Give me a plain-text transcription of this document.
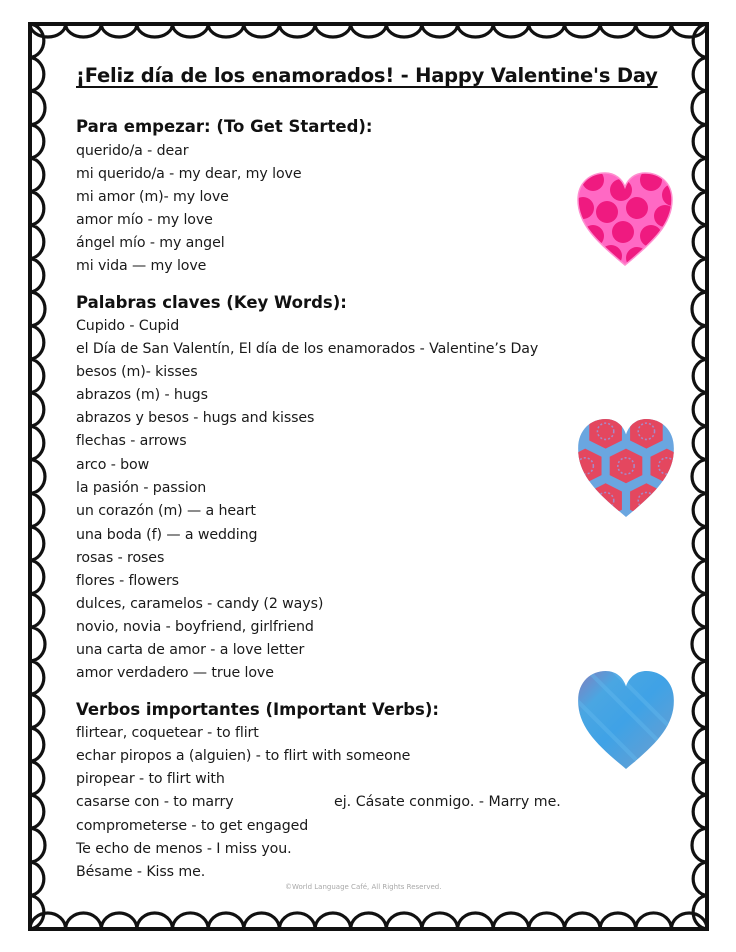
¡Feliz día de los enamorados! - Happy Valentine's Day
Para empezar: (To Get Started):
querido/a - dear
mi querido/a - my dear, my love
mi amor (m)- my love
amor mío - my love
ángel mío - my angel
mi vida — my love
Palabras claves (Key Words):
Cupido - Cupid
el Día de San Valentín, El día de los enamorados - Valentine’s Day
besos (m)- kisses
abrazos (m) - hugs
abrazos y besos - hugs and kisses
flechas - arrows
arco - bow
la pasión - passion
un corazón (m) — a heart
una boda (f) — a wedding
rosas - roses
flores - flowers
dulces, caramelos - candy (2 ways)
novio, novia - boyfriend, girlfriend
una carta de amor - a love letter
amor verdadero — true love
Verbos importantes (Important Verbs):
flirtear, coquetear - to flirt
echar piropos a (alguien) - to flirt with someone
piropear - to flirt with
casarse con - to marry	ej. Cásate conmigo. - Marry me.
comprometerse - to get engaged
Te echo de menos - I miss you.
Bésame - Kiss me.
©World Language Café, All Rights Reserved.
